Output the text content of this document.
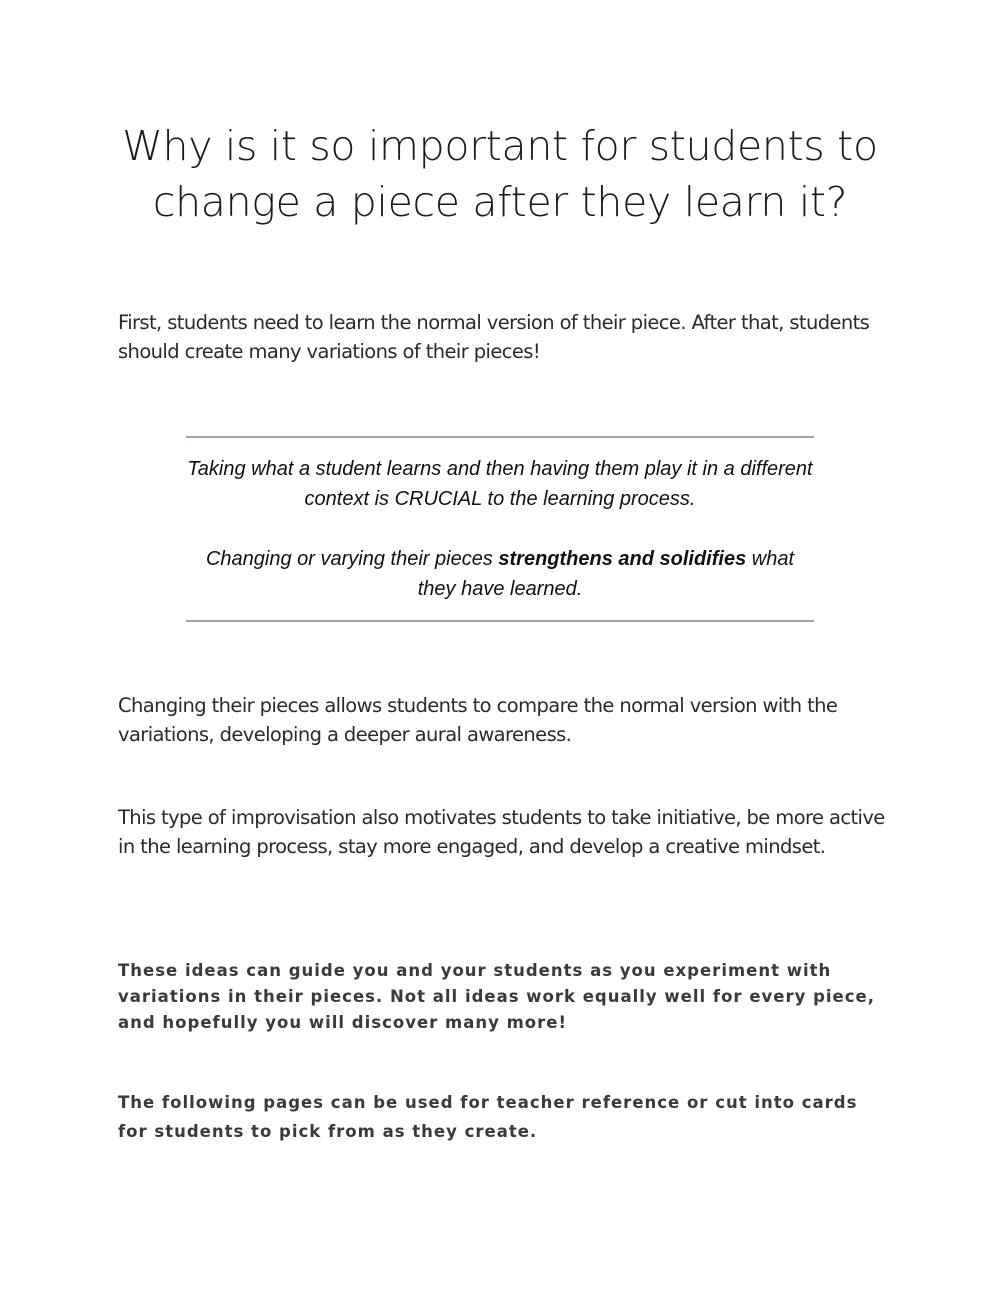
Why is it so important for students to change a piece after they learn it?

First, students need to learn the normal version of their piece. After that, students should create many variations of their pieces!

Taking what a student learns and then having them play it in a different context is CRUCIAL to the learning process.

Changing or varying their pieces strengthens and solidifies what they have learned.

Changing their pieces allows students to compare the normal version with the variations, developing a deeper aural awareness.

This type of improvisation also motivates students to take initiative, be more active in the learning process, stay more engaged, and develop a creative mindset.

These ideas can guide you and your students as you experiment with variations in their pieces. Not all ideas work equally well for every piece, and hopefully you will discover many more!

The following pages can be used for teacher reference or cut into cards for students to pick from as they create.
